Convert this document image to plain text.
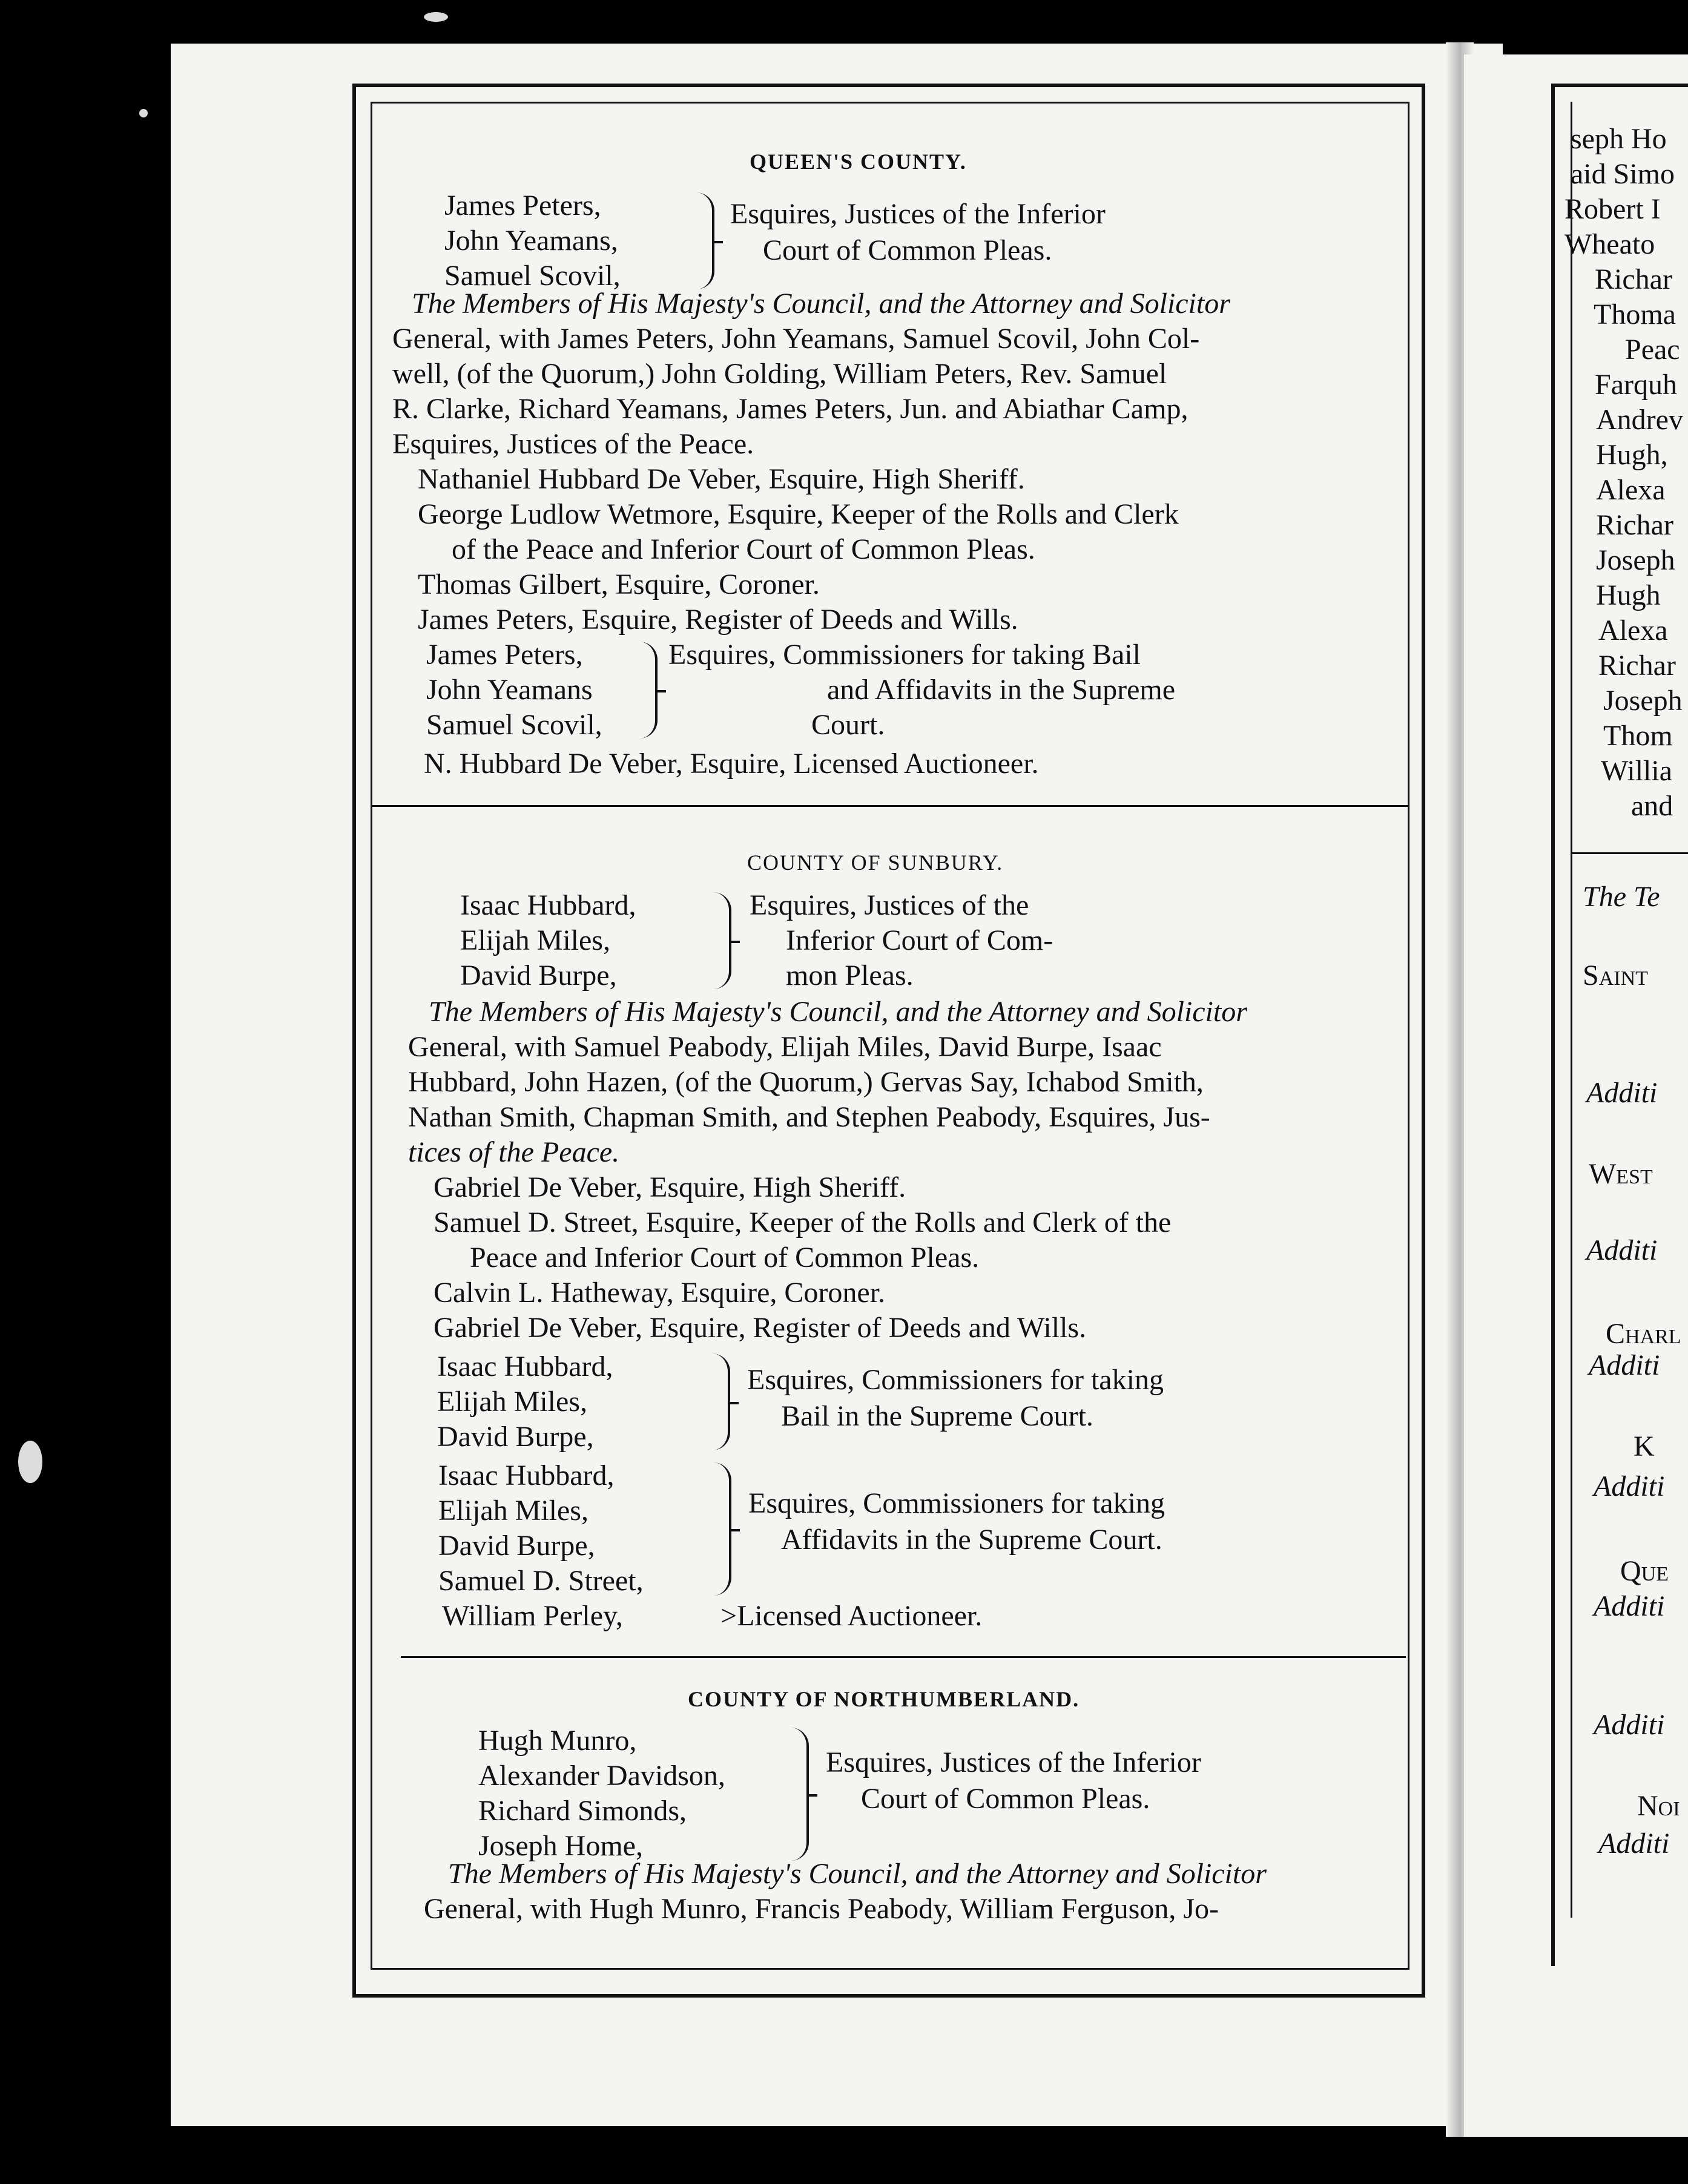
QUEEN'S COUNTY.
James Peters,
John Yeamans,
Samuel Scovil,
Esquires, Justices of the Inferior
Court of Common Pleas.
The Members of His Majesty's Council, and the Attorney and Solicitor
General, with James Peters, John Yeamans, Samuel Scovil, John Col-
well, (of the Quorum,) John Golding, William Peters, Rev. Samuel
R. Clarke, Richard Yeamans, James Peters, Jun. and Abiathar Camp,
Esquires, Justices of the Peace.
Nathaniel Hubbard De Veber, Esquire, High Sheriff.
George Ludlow Wetmore, Esquire, Keeper of the Rolls and Clerk
of the Peace and Inferior Court of Common Pleas.
Thomas Gilbert, Esquire, Coroner.
James Peters, Esquire, Register of Deeds and Wills.
James Peters,
John Yeamans
Samuel Scovil,
Esquires, Commissioners for taking Bail
and Affidavits in the Supreme
Court.
N. Hubbard De Veber, Esquire, Licensed Auctioneer.
COUNTY OF SUNBURY.
Isaac Hubbard,
Elijah Miles,
David Burpe,
Esquires, Justices of the
Inferior Court of Com-
mon Pleas.
The Members of His Majesty's Council, and the Attorney and Solicitor
General, with Samuel Peabody, Elijah Miles, David Burpe, Isaac
Hubbard, John Hazen, (of the Quorum,) Gervas Say, Ichabod Smith,
Nathan Smith, Chapman Smith, and Stephen Peabody, Esquires, Jus-
tices of the Peace.
Gabriel De Veber, Esquire, High Sheriff.
Samuel D. Street, Esquire, Keeper of the Rolls and Clerk of the
Peace and Inferior Court of Common Pleas.
Calvin L. Hatheway, Esquire, Coroner.
Gabriel De Veber, Esquire, Register of Deeds and Wills.
Isaac Hubbard,
Elijah Miles,
David Burpe,
Esquires, Commissioners for taking
Bail in the Supreme Court.
Isaac Hubbard,
Elijah Miles,
David Burpe,
Samuel D. Street,
Esquires, Commissioners for taking
Affidavits in the Supreme Court.
William Perley,	>Licensed Auctioneer.
COUNTY OF NORTHUMBERLAND.
Hugh Munro,
Alexander Davidson,
Richard Simonds,
Joseph Home,
Esquires, Justices of the Inferior
Court of Common Pleas.
The Members of His Majesty's Council, and the Attorney and Solicitor
General, with Hugh Munro, Francis Peabody, William Ferguson, Jo-
seph Ho
aid Simo
Robert I
Wheato
Richar
Thoma
Peac
Farquh
Andrev
Hugh,
Alexa
Richar
Joseph
Hugh
Alexa
Richar
Joseph
Thom
Willia
and
The Te
Saint
Additi
West
Additi
Charl
Additi
K
Additi
Que
Additi
Additi
Noi
Additi
